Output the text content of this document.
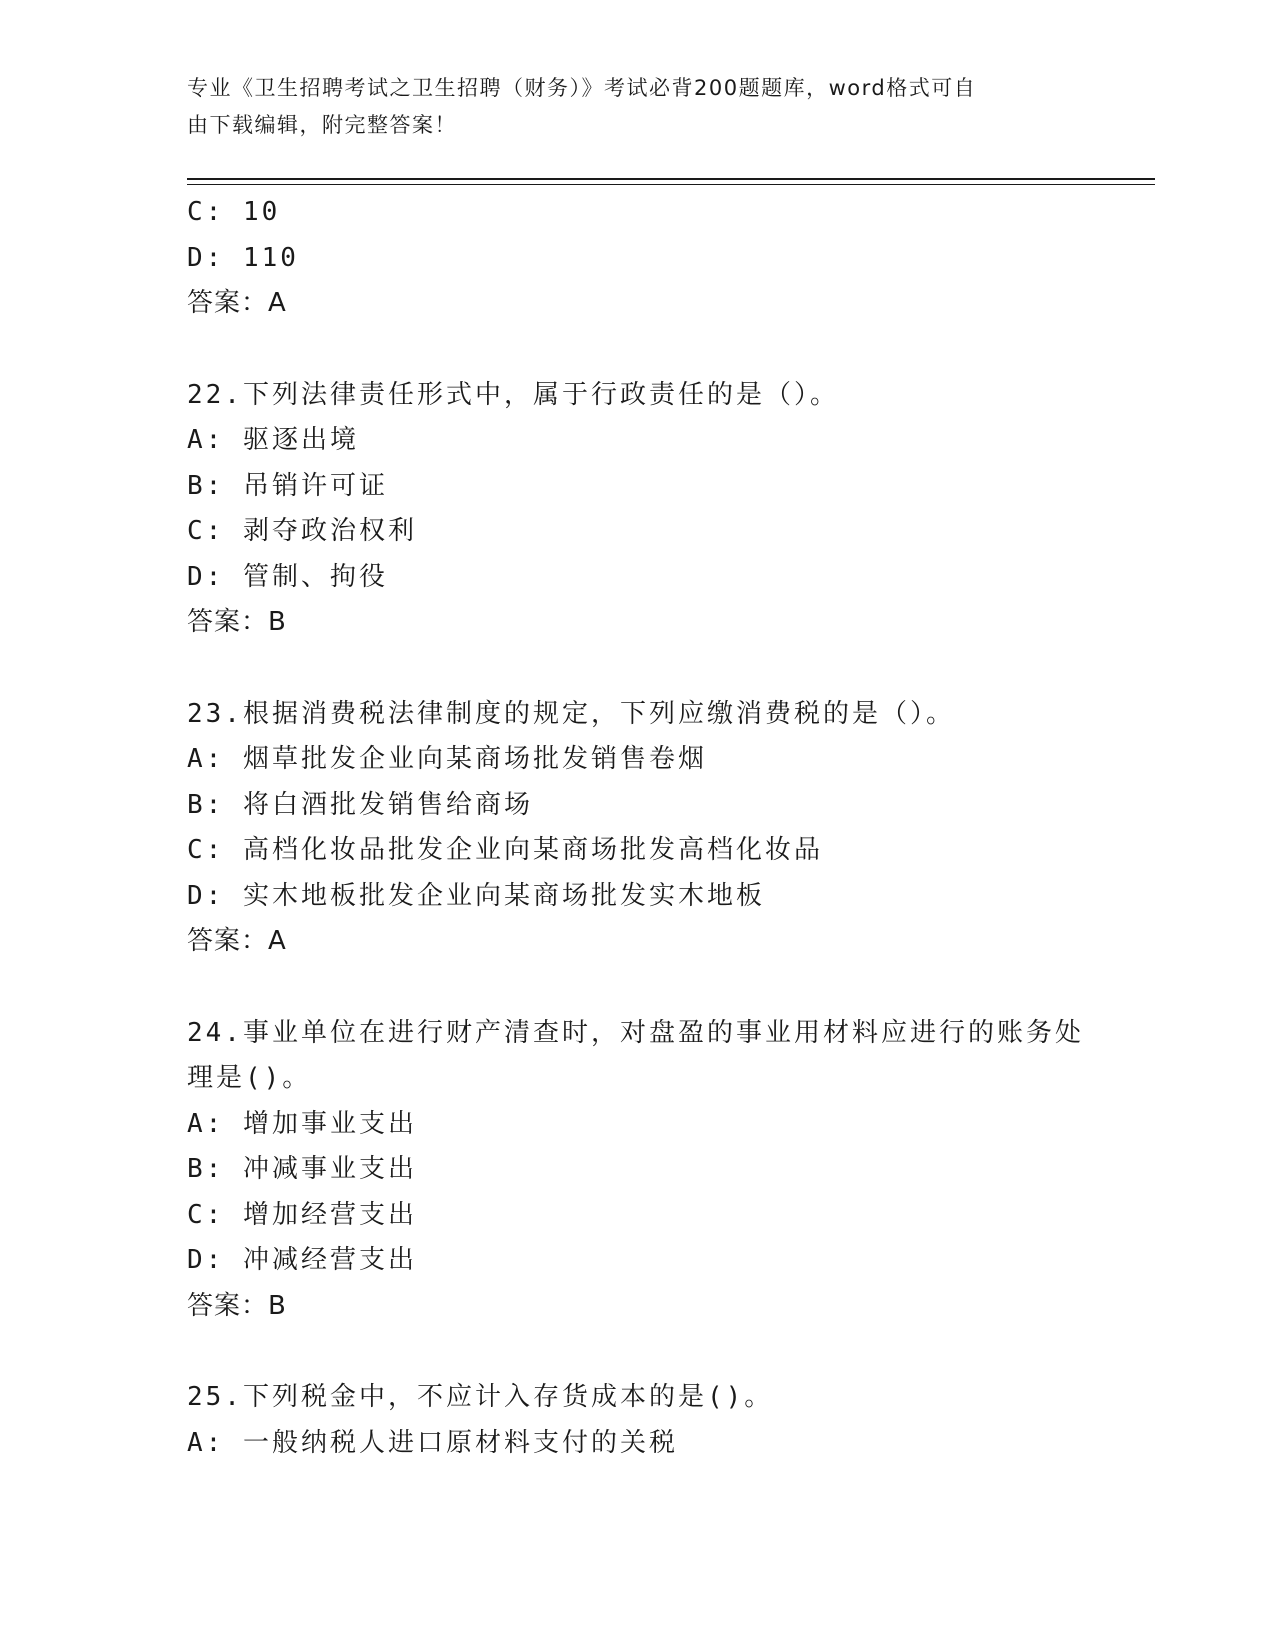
专业《卫生招聘考试之卫生招聘（财务）》考试必背200题题库，word格式可自
由下载编辑，附完整答案！
C: 10
D: 110
答案：A
22.下列法律责任形式中，属于行政责任的是（）。
A: 驱逐出境
B: 吊销许可证
C: 剥夺政治权利
D: 管制、拘役
答案：B
23.根据消费税法律制度的规定，下列应缴消费税的是（）。
A: 烟草批发企业向某商场批发销售卷烟
B: 将白酒批发销售给商场
C: 高档化妆品批发企业向某商场批发高档化妆品
D: 实木地板批发企业向某商场批发实木地板
答案：A
24.事业单位在进行财产清查时，对盘盈的事业用材料应进行的账务处
理是()。
A: 增加事业支出
B: 冲减事业支出
C: 增加经营支出
D: 冲减经营支出
答案：B
25.下列税金中，不应计入存货成本的是()。
A: 一般纳税人进口原材料支付的关税
